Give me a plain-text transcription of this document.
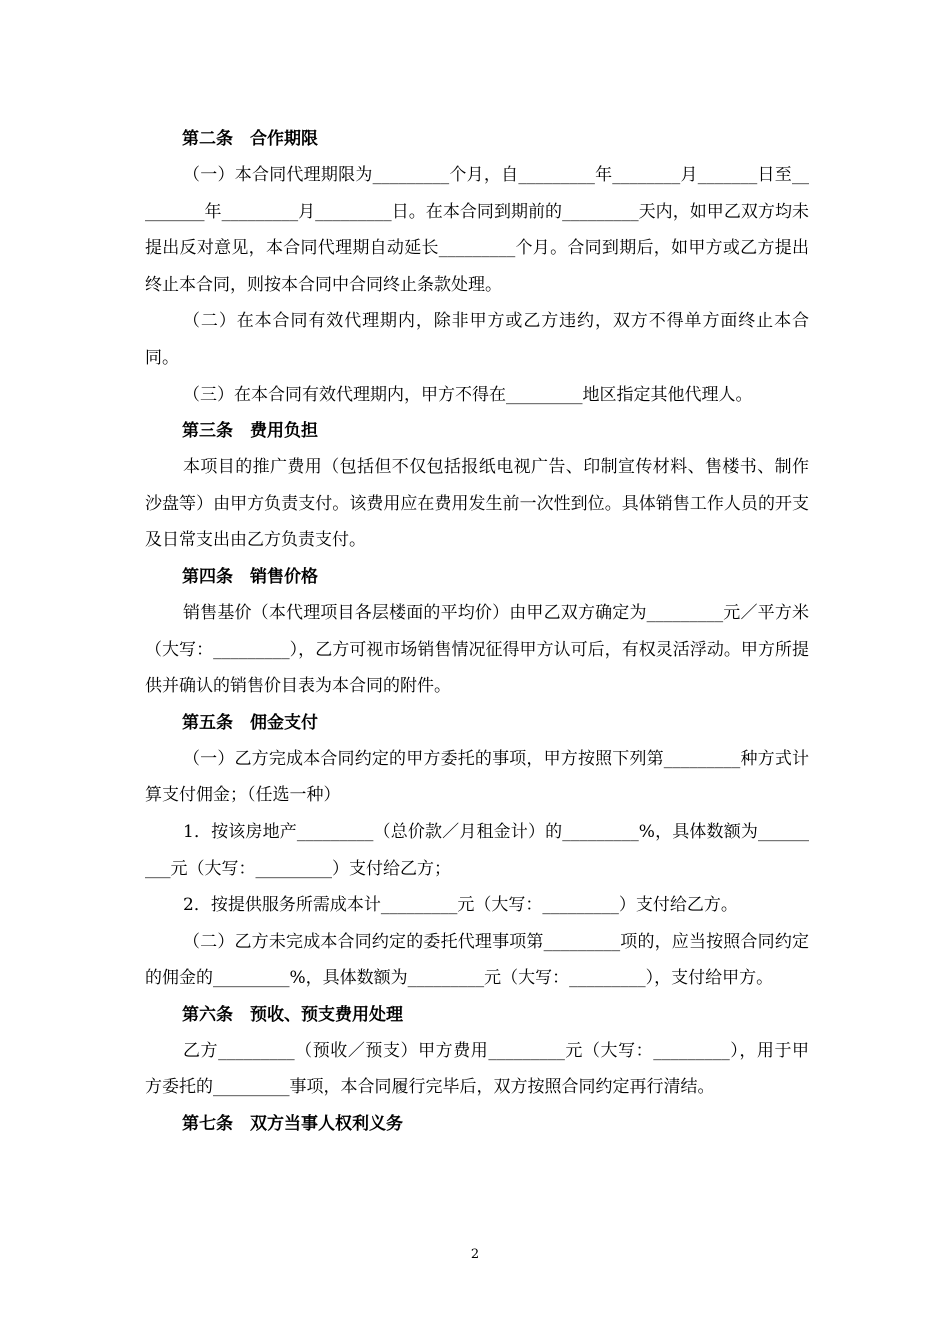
第二条　合作期限

（一）本合同代理期限为_________个月，自_________年________月_______日至_________年_________月_________日。在本合同到期前的_________天内，如甲乙双方均未提出反对意见，本合同代理期自动延长_________个月。合同到期后，如甲方或乙方提出终止本合同，则按本合同中合同终止条款处理。

（二）在本合同有效代理期内，除非甲方或乙方违约，双方不得单方面终止本合同。

（三）在本合同有效代理期内，甲方不得在_________地区指定其他代理人。

第三条　费用负担

本项目的推广费用（包括但不仅包括报纸电视广告、印制宣传材料、售楼书、制作沙盘等）由甲方负责支付。该费用应在费用发生前一次性到位。具体销售工作人员的开支及日常支出由乙方负责支付。

第四条　销售价格

销售基价（本代理项目各层楼面的平均价）由甲乙双方确定为_________元／平方米（大写：_________），乙方可视市场销售情况征得甲方认可后，有权灵活浮动。甲方所提供并确认的销售价目表为本合同的附件。

第五条　佣金支付

（一）乙方完成本合同约定的甲方委托的事项，甲方按照下列第_________种方式计算支付佣金；（任选一种）

1．按该房地产_________（总价款／月租金计）的_________%，具体数额为_________元（大写：_________）支付给乙方；

2．按提供服务所需成本计_________元（大写：_________）支付给乙方。

（二）乙方未完成本合同约定的委托代理事项第_________项的，应当按照合同约定的佣金的_________%，具体数额为_________元（大写：_________），支付给甲方。

第六条　预收、预支费用处理

乙方_________（预收／预支）甲方费用_________元（大写：_________），用于甲方委托的_________事项，本合同履行完毕后，双方按照合同约定再行清结。

第七条　双方当事人权利义务
2
